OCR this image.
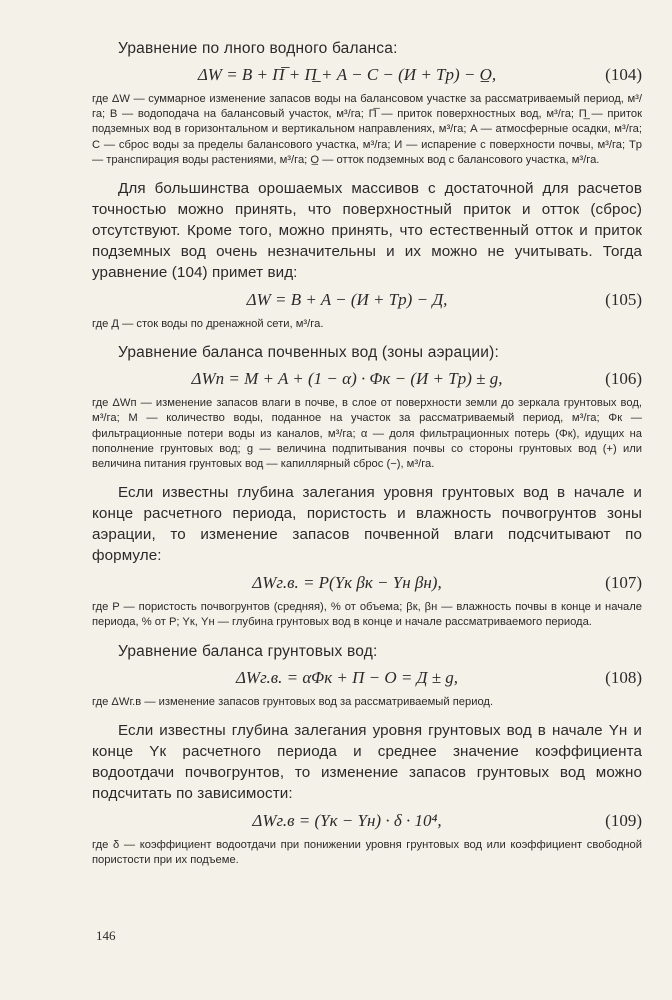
Уравнение по лного водного баланса:

ΔW = B + П̅ + П̲ + A − C − (И + Tр) − O̲,	(104)

где ΔW — суммарное изменение запасов воды на балансовом участке за рассматриваемый период, м³/га; B — водоподача на балансовый участок, м³/га; П̅ — приток поверхностных вод, м³/га; П̲ — приток подземных вод в горизонтальном и вертикальном направлениях, м³/га; A — атмосферные осадки, м³/га; C — сброс воды за пределы балансового участка, м³/га; И — испарение с поверхности почвы, м³/га; Tр — транспирация воды растениями, м³/га; O̲ — отток подземных вод с балансового участка, м³/га.

Для большинства орошаемых массивов с достаточной для расчетов точностью можно принять, что поверхностный приток и отток (сброс) отсутствуют. Кроме того, можно принять, что естественный отток и приток подземных вод очень незначительны и их можно не учитывать. Тогда уравнение (104) примет вид:

ΔW = B + A − (И + Tр) − Д,	(105)

где Д — сток воды по дренажной сети, м³/га.

Уравнение баланса почвенных вод (зоны аэрации):

ΔWп = M + A + (1 − α) · Φк − (И + Tр) ± g,	(106)

где ΔWп — изменение запасов влаги в почве, в слое от поверхности земли до зеркала грунтовых вод, м³/га; M — количество воды, поданное на участок за рассматриваемый период, м³/га; Φк — фильтрационные потери воды из каналов, м³/га; α — доля фильтрационных потерь (Φк), идущих на пополнение грунтовых вод; g — величина подпитывания почвы со стороны грунтовых вод (+) или величина питания грунтовых вод — капиллярный сброс (−), м³/га.

Если известны глубина залегания уровня грунтовых вод в начале и конце расчетного периода, пористость и влажность почвогрунтов зоны аэрации, то изменение запасов почвенной влаги подсчитывают по формуле:

ΔWг.в. = P(Yк βк − Yн βн),	(107)

где P — пористость почвогрунтов (средняя), % от объема; βк, βн — влажность почвы в конце и начале периода, % от P; Yк, Yн — глубина грунтовых вод в конце и начале рассматриваемого периода.

Уравнение баланса грунтовых вод:

ΔWг.в. = αΦк + П − O = Д ± g,	(108)

где ΔWг.в — изменение запасов грунтовых вод за рассматриваемый период.

Если известны глубина залегания уровня грунтовых вод в начале Yн и конце Yк расчетного периода и среднее значение коэффициента водоотдачи почвогрунтов, то изменение запасов грунтовых вод можно подсчитать по зависимости:

ΔWг.в = (Yк − Yн) · δ · 10⁴,	(109)

где δ — коэффициент водоотдачи при понижении уровня грунтовых вод или коэффициент свободной пористости при их подъеме.

146
